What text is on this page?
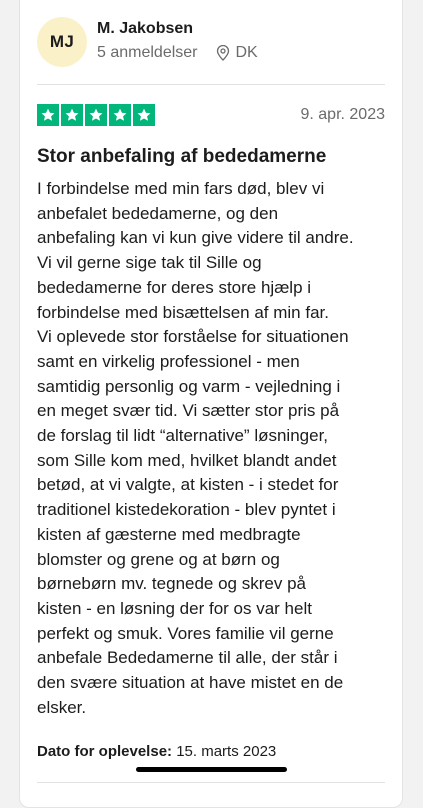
MJ
M. Jakobsen
5 anmeldelser DK
9. apr. 2023
Stor anbefaling af bededamerne

I forbindelse med min fars død, blev vi
anbefalet bededamerne, og den
anbefaling kan vi kun give videre til andre.
Vi vil gerne sige tak til Sille og
bededamerne for deres store hjælp i
forbindelse med bisættelsen af min far.
Vi oplevede stor forståelse for situationen
samt en virkelig professionel - men
samtidig personlig og varm - vejledning i
en meget svær tid. Vi sætter stor pris på
de forslag til lidt “alternative” løsninger,
som Sille kom med, hvilket blandt andet
betød, at vi valgte, at kisten - i stedet for
traditionel kistedekoration - blev pyntet i
kisten af gæsterne med medbragte
blomster og grene og at børn og
børnebørn mv. tegnede og skrev på
kisten - en løsning der for os var helt
perfekt og smuk. Vores familie vil gerne
anbefale Bededamerne til alle, der står i
den svære situation at have mistet en de
elsker.

Dato for oplevelse: 15. marts 2023
